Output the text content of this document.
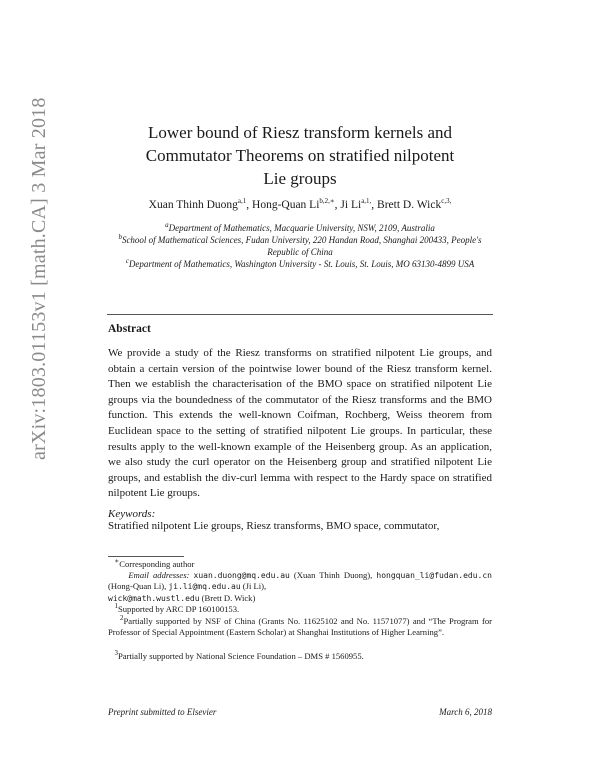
arXiv:1803.01153v1 [math.CA] 3 Mar 2018	Lower bound of Riesz transform kernels and
Commutator Theorems on stratified nilpotent
Lie groups
Xuan Thinh Duong$^{a,1}$, Hong-Quan $Li^{b,2,∗}$, Ji $Li^{a,1,}$, Brett D. Wick$^{c,3,}$
$^a$Department of Mathematics, Macquarie University, NSW, 2109, Australia
$^b$School of Mathematical Sciences, Fudan University, 220 Handan Road, Shanghai 200433, People's Republic of China
$^c$Department of Mathematics, Washington University - St. Louis, St. Louis, MO 63130-4899 USA
Abstract
We provide a study of the Riesz transforms on stratified nilpotent Lie groups, and obtain a certain version of the pointwise lower bound of the Riesz transform kernel. Then we establish the characterisation of the BMO space on stratified nilpotent Lie groups via the boundedness of the commutator of the Riesz transforms and the BMO function. This extends the well-known Coifman, Rochberg, Weiss theorem from Euclidean space to the setting of stratified nilpotent Lie groups. In particular, these results apply to the well-known example of the Heisenberg group. As an application, we also study the curl operator on the Heisenberg group and stratified nilpotent Lie groups, and establish the div-curl lemma with respect to the Hardy space on stratified nilpotent Lie groups.
Keywords:
Stratified nilpotent Lie groups, Riesz transforms, BMO space, commutator,
∗Corresponding author
Email addresses: xuan.duong@mq.edu.au (Xuan Thinh Duong), hongquan_li@fudan.edu.cn (Hong-Quan Li), ji.li@mq.edu.au (Ji Li),
wick@math.wustl.edu (Brett D. Wick)
$^1$Supported by ARC DP 160100153.
$^2$Partially supported by NSF of China (Grants No. 11625102 and No. 11571077) and “The Program for Professor of Special Appointment (Eastern Scholar) at Shanghai Institutions of Higher Learning”.
$^3$Partially supported by National Science Foundation – DMS # 1560955.
Preprint submitted to Elsevier	March 6, 2018
